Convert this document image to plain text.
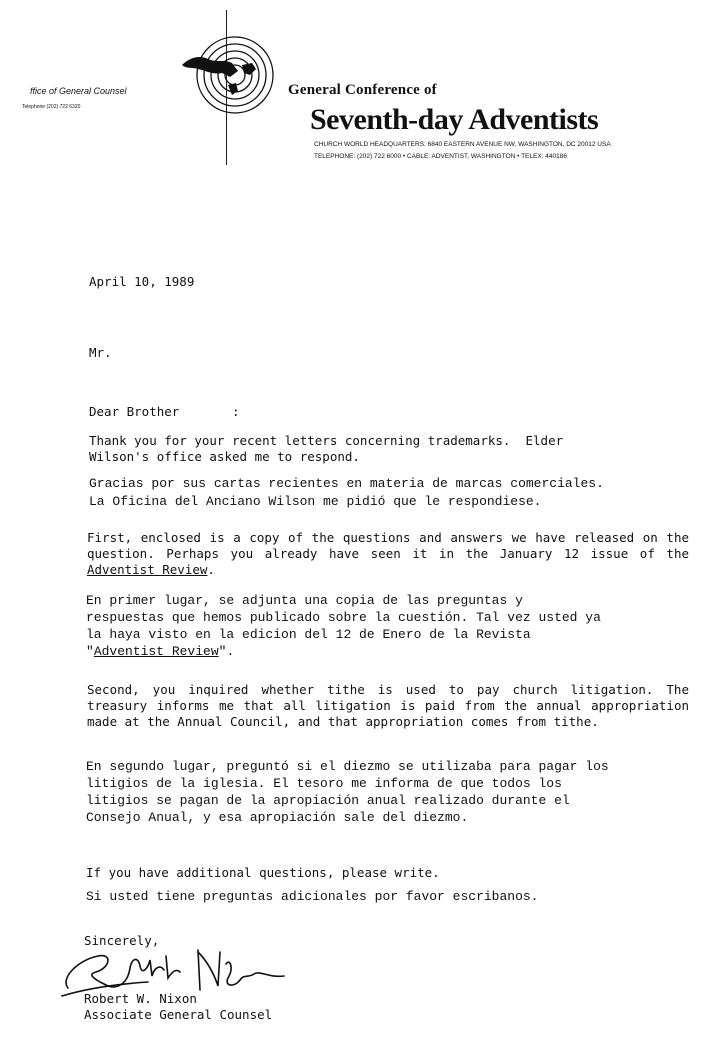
ffice of General Counsel
Telephone (202) 722 6320
General Conference of
Seventh-day Adventists
CHURCH WORLD HEADQUARTERS: 6840 EASTERN AVENUE NW, WASHINGTON, DC 20012 USA
TELEPHONE: (202) 722 6000 • CABLE: ADVENTIST, WASHINGTON • TELEX: 440186
April 10, 1989
Mr.
Dear Brother       :
Thank you for your recent letters concerning trademarks.  Elder
Wilson's office asked me to respond.
Gracias por sus cartas recientes en materia de marcas comerciales.
La Oficina del Anciano Wilson me pidió que le respondiese.
First, enclosed is a copy of the questions and answers we have released on the question. Perhaps you already have seen it in the January 12 issue of the Adventist Review.
En primer lugar, se adjunta una copia de las preguntas y
respuestas que hemos publicado sobre la cuestión. Tal vez usted ya
la haya visto en la edicion del 12 de Enero de la Revista
"Adventist Review".
Second, you inquired whether tithe is used to pay church litigation. The treasury informs me that all litigation is paid from the annual appropriation made at the Annual Council, and that appropriation comes from tithe.
En segundo lugar, preguntó si el diezmo se utilizaba para pagar los
litigios de la iglesia. El tesoro me informa de que todos los
litigios se pagan de la apropiación anual realizado durante el
Consejo Anual, y esa apropiación sale del diezmo.
If you have additional questions, please write.
Si usted tiene preguntas adicionales por favor escribanos.
Sincerely,
Robert W. Nixon
Associate General Counsel
